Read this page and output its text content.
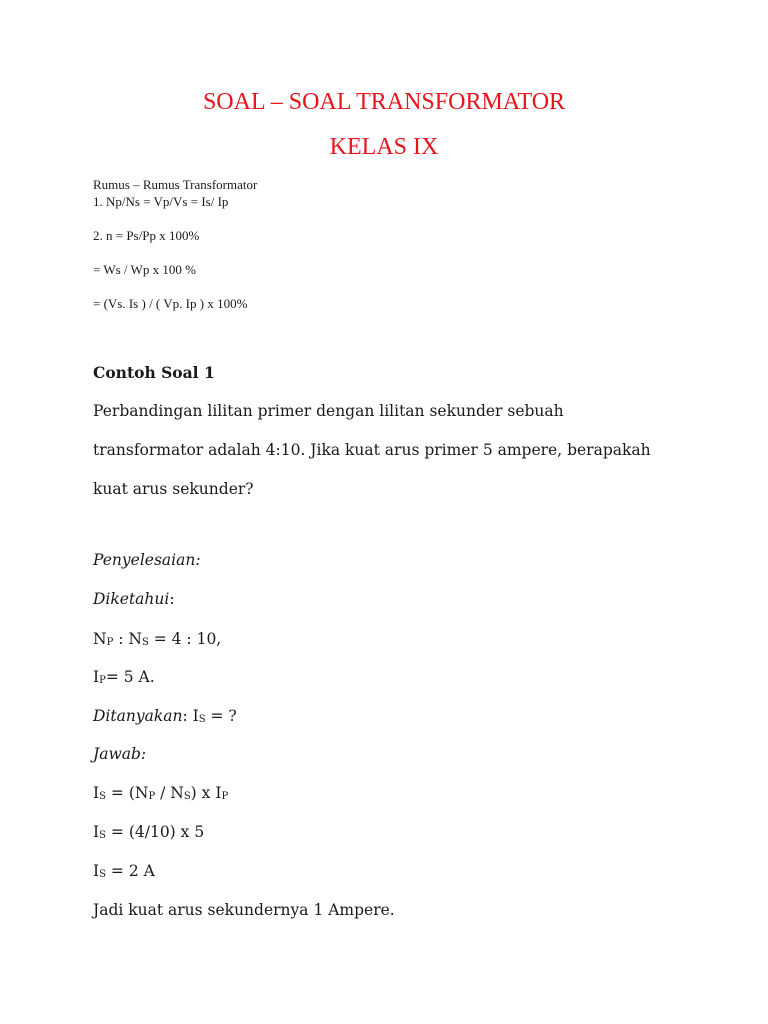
SOAL – SOAL TRANSFORMATOR
KELAS IX
Rumus – Rumus Transformator
1. Np/Ns = Vp/Vs = Is/ Ip
2. n = Ps/Pp x 100%
= Ws / Wp x 100 %
= (Vs. Is ) / ( Vp. Ip ) x 100%
Contoh Soal 1
Perbandingan lilitan primer dengan lilitan sekunder sebuah
transformator adalah 4:10. Jika kuat arus primer 5 ampere, berapakah
kuat arus sekunder?
Penyelesaian:
Diketahui:
NP : NS = 4 : 10,
IP= 5 A.
Ditanyakan: IS = ?
Jawab:
IS = (NP / NS) x IP
IS = (4/10) x 5
IS = 2 A
Jadi kuat arus sekundernya 1 Ampere.
